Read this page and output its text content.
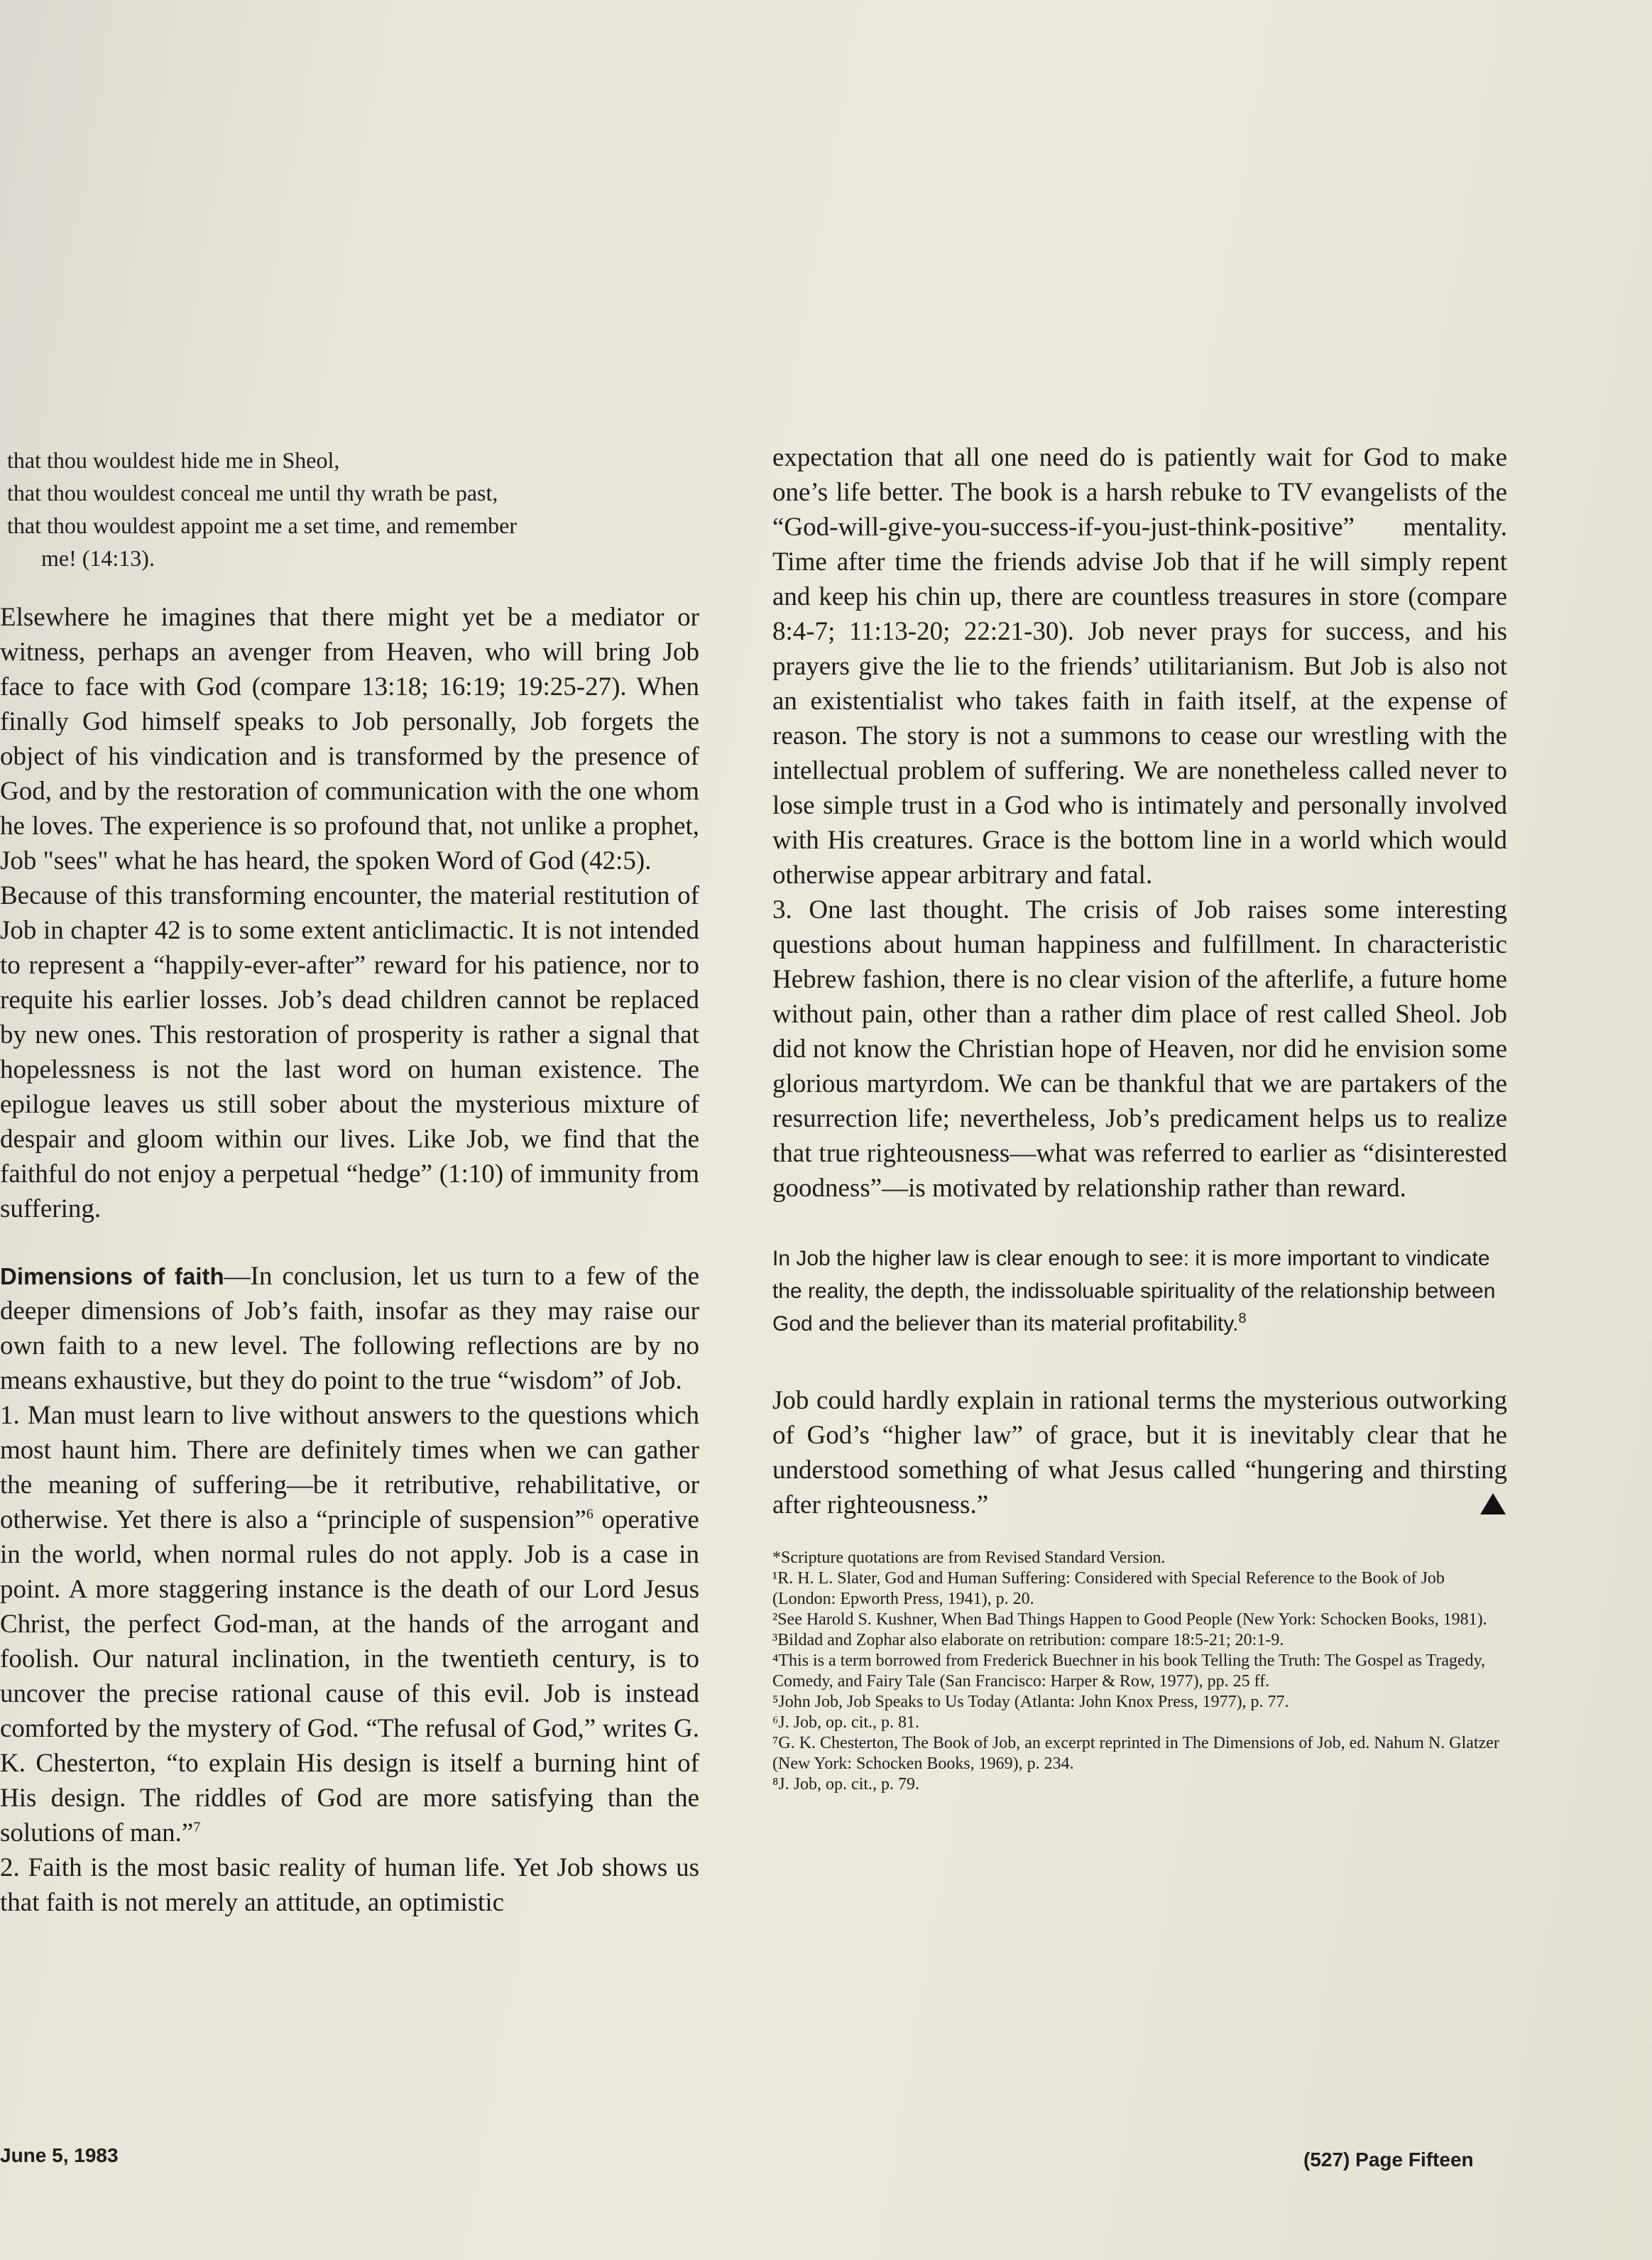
that thou wouldest hide me in Sheol,
that thou wouldest conceal me until thy wrath be past,
that thou wouldest appoint me a set time, and remember
me! (14:13).

Elsewhere he imagines that there might yet be a mediator or witness, perhaps an avenger from Heaven, who will bring Job face to face with God (compare 13:18; 16:19; 19:25-27). When finally God himself speaks to Job personally, Job forgets the object of his vindication and is transformed by the presence of God, and by the restoration of communication with the one whom he loves. The experience is so profound that, not unlike a prophet, Job "sees" what he has heard, the spoken Word of God (42:5).

Because of this transforming encounter, the material restitution of Job in chapter 42 is to some extent anticlimactic. It is not intended to represent a “happily-ever-after” reward for his patience, nor to requite his earlier losses. Job’s dead children cannot be replaced by new ones. This restoration of prosperity is rather a signal that hopelessness is not the last word on human existence. The epilogue leaves us still sober about the mysterious mixture of despair and gloom within our lives. Like Job, we find that the faithful do not enjoy a perpetual “hedge” (1:10) of immunity from suffering.

Dimensions of faith—In conclusion, let us turn to a few of the deeper dimensions of Job’s faith, insofar as they may raise our own faith to a new level. The following reflections are by no means exhaustive, but they do point to the true “wisdom” of Job.

1. Man must learn to live without answers to the questions which most haunt him. There are definitely times when we can gather the meaning of suffering—be it retributive, rehabilitative, or otherwise. Yet there is also a “principle of suspension”$^6$ operative in the world, when normal rules do not apply. Job is a case in point. A more staggering instance is the death of our Lord Jesus Christ, the perfect God-man, at the hands of the arrogant and foolish. Our natural inclination, in the twentieth century, is to uncover the precise rational cause of this evil. Job is instead comforted by the mystery of God. “The refusal of God,” writes G. K. Chesterton, “to explain His design is itself a burning hint of His design. The riddles of God are more satisfying than the solutions of man.”$^7$

2. Faith is the most basic reality of human life. Yet Job shows us that faith is not merely an attitude, an optimistic

expectation that all one need do is patiently wait for God to make one’s life better. The book is a harsh rebuke to TV evangelists of the “God-will-give-you-success-if-you-just-think-positive” mentality. Time after time the friends advise Job that if he will simply repent and keep his chin up, there are countless treasures in store (compare 8:4-7; 11:13-20; 22:21-30). Job never prays for success, and his prayers give the lie to the friends’ utilitarianism. But Job is also not an existentialist who takes faith in faith itself, at the expense of reason. The story is not a summons to cease our wrestling with the intellectual problem of suffering. We are nonetheless called never to lose simple trust in a God who is intimately and personally involved with His creatures. Grace is the bottom line in a world which would otherwise appear arbitrary and fatal.

3. One last thought. The crisis of Job raises some interesting questions about human happiness and fulfillment. In characteristic Hebrew fashion, there is no clear vision of the afterlife, a future home without pain, other than a rather dim place of rest called Sheol. Job did not know the Christian hope of Heaven, nor did he envision some glorious martyrdom. We can be thankful that we are partakers of the resurrection life; nevertheless, Job’s predicament helps us to realize that true righteousness—what was referred to earlier as “disinterested goodness”—is motivated by relationship rather than reward.

In Job the higher law is clear enough to see: it is more important to vindicate the reality, the depth, the indissoluable spirituality of the relationship between God and the believer than its material profitability.$^8$

Job could hardly explain in rational terms the mysterious outworking of God’s “higher law” of grace, but it is inevitably clear that he understood something of what Jesus called “hungering and thirsting after righteousness.”

*Scripture quotations are from Revised Standard Version.
¹R. H. L. Slater, God and Human Suffering: Considered with Special Reference to the Book of Job (London: Epworth Press, 1941), p. 20.
²See Harold S. Kushner, When Bad Things Happen to Good People (New York: Schocken Books, 1981).
³Bildad and Zophar also elaborate on retribution: compare 18:5-21; 20:1-9.
⁴This is a term borrowed from Frederick Buechner in his book Telling the Truth: The Gospel as Tragedy, Comedy, and Fairy Tale (San Francisco: Harper & Row, 1977), pp. 25 ff.
⁵John Job, Job Speaks to Us Today (Atlanta: John Knox Press, 1977), p. 77.
⁶J. Job, op. cit., p. 81.
⁷G. K. Chesterton, The Book of Job, an excerpt reprinted in The Dimensions of Job, ed. Nahum N. Glatzer (New York: Schocken Books, 1969), p. 234.
⁸J. Job, op. cit., p. 79.
June 5, 1983	(527) Page Fifteen
